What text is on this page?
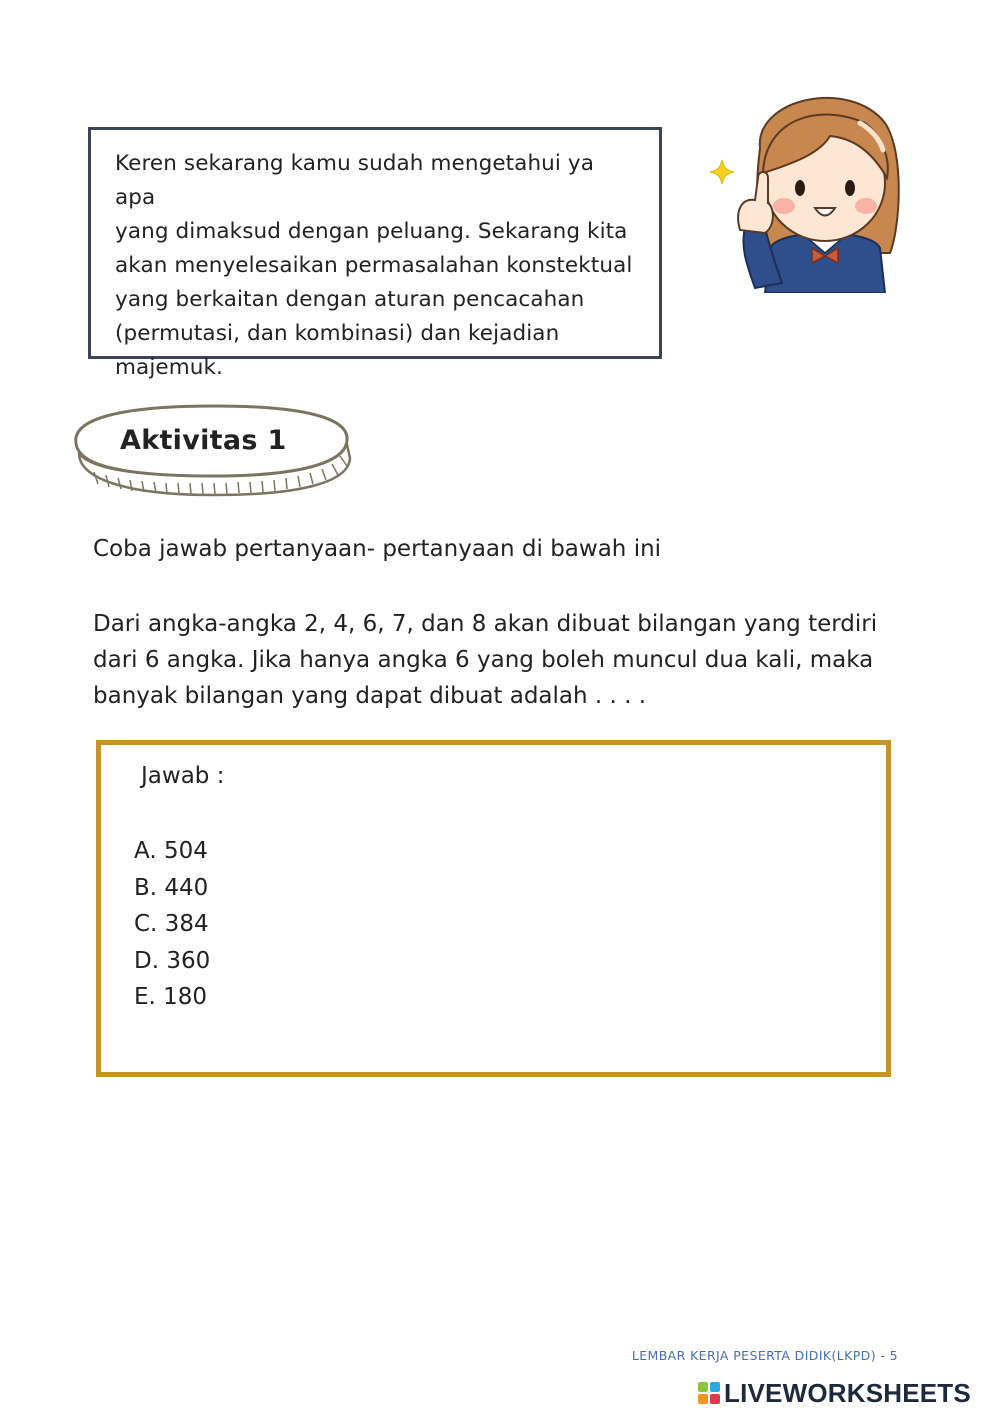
Keren sekarang kamu sudah mengetahui ya apa
yang dimaksud dengan peluang. Sekarang kita
akan menyelesaikan permasalahan konstektual
yang berkaitan dengan aturan pencacahan
(permutasi, dan kombinasi) dan kejadian
majemuk.
Aktivitas 1
Coba jawab pertanyaan- pertanyaan di bawah ini
Dari angka-angka 2, 4, 6, 7, dan 8 akan dibuat bilangan yang terdiri
dari 6 angka. Jika hanya angka 6 yang boleh muncul dua kali, maka
banyak bilangan yang dapat dibuat adalah . . . .
Jawab :
A. 504
B. 440
C. 384
D. 360
E. 180
LEMBAR KERJA PESERTA DIDIK(LKPD) - 5
LIVEWORKSHEETS
